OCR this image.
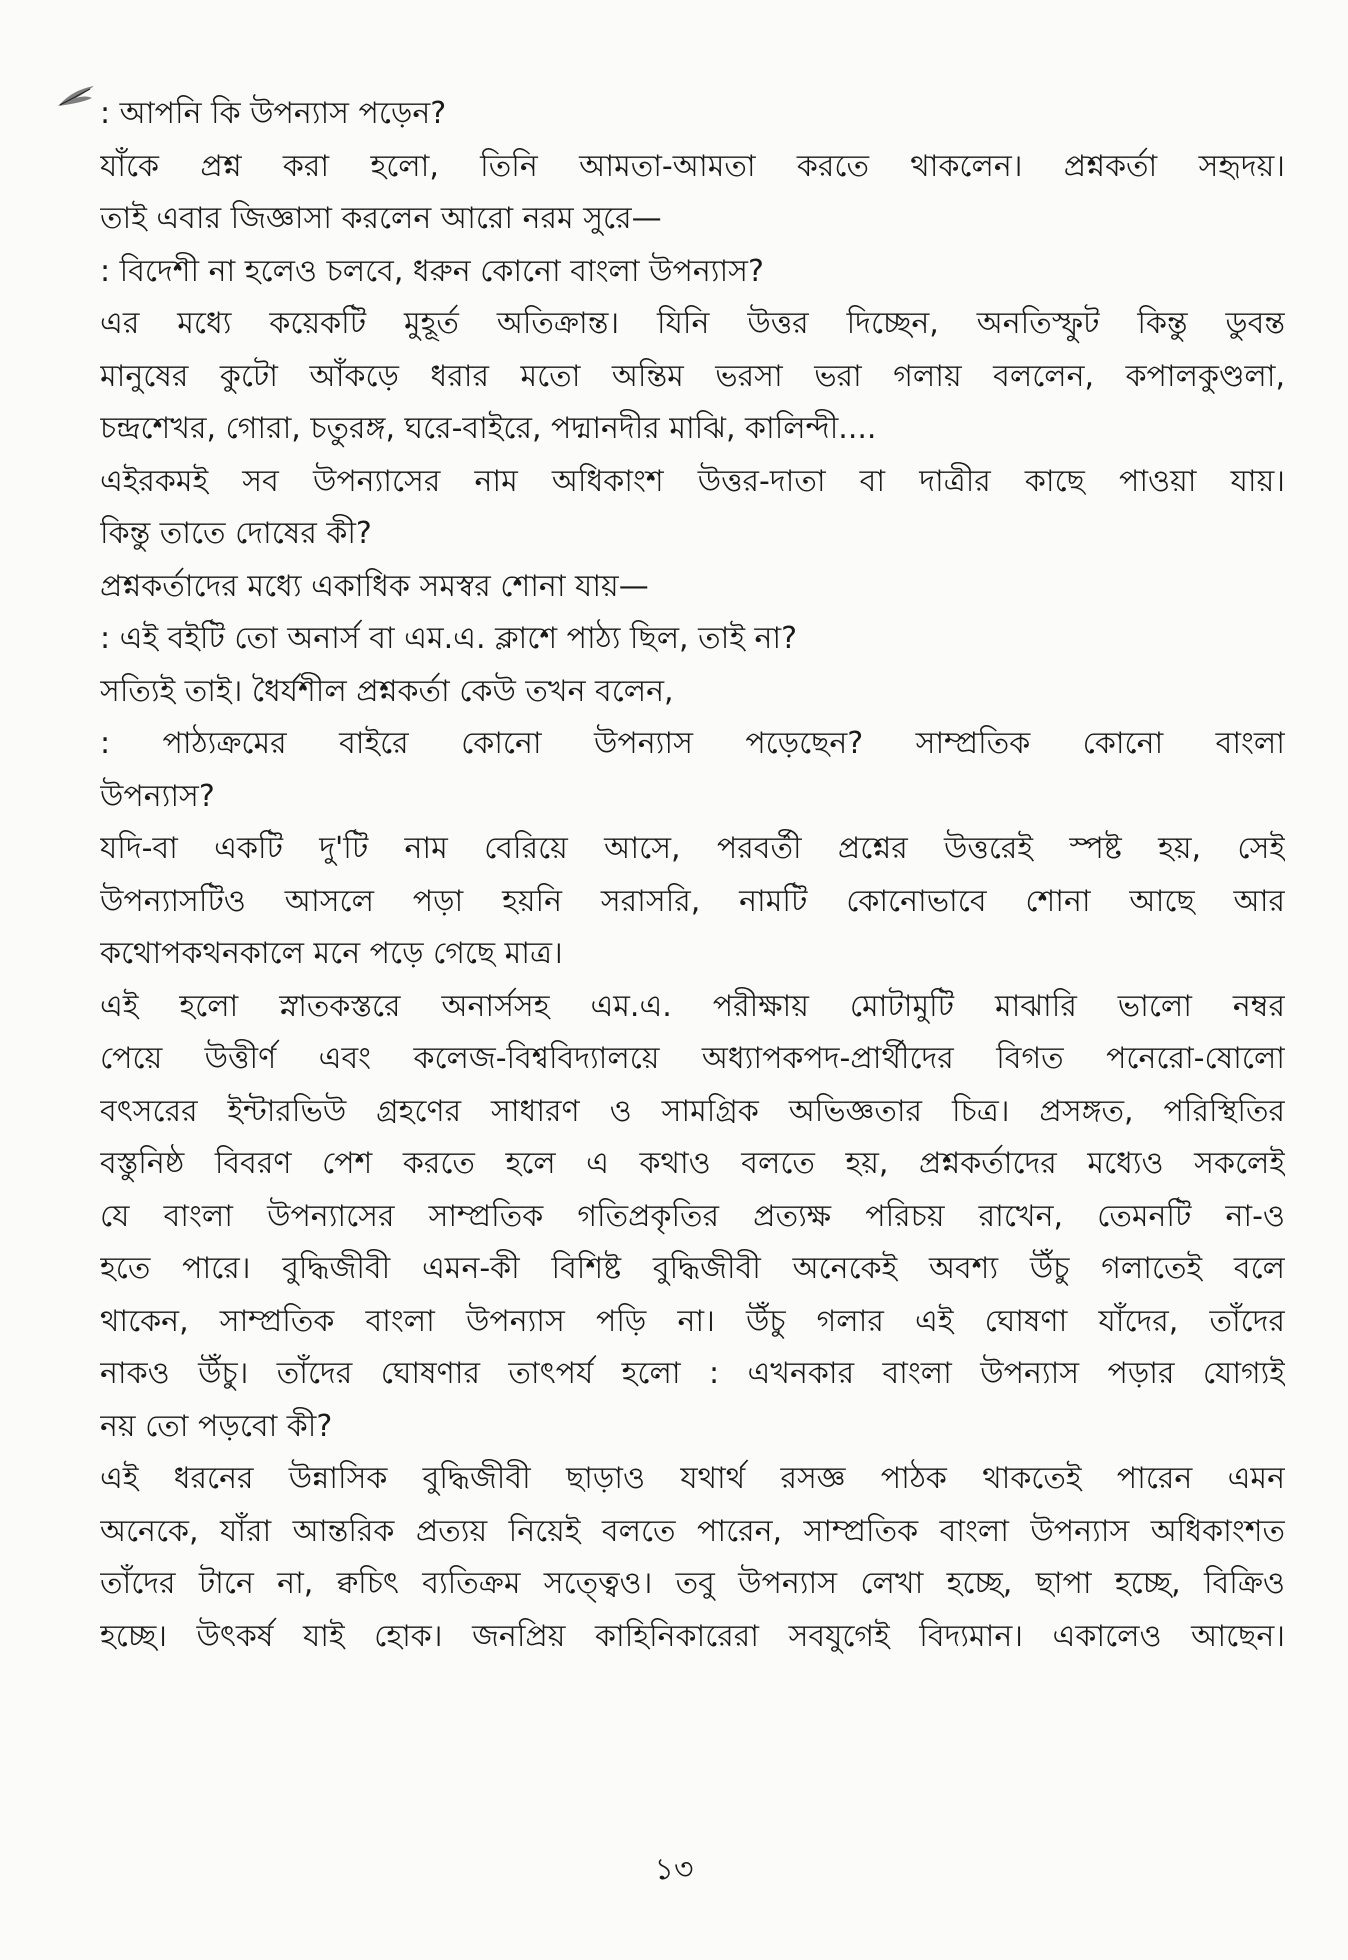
: আপনি কি উপন্যাস পড়েন?
যাঁকে প্রশ্ন করা হলো, তিনি আমতা-আমতা করতে থাকলেন। প্রশ্নকর্তা সহৃদয়।
তাই এবার জিজ্ঞাসা করলেন আরো নরম সুরে—
: বিদেশী না হলেও চলবে, ধরুন কোনো বাংলা উপন্যাস?
এর মধ্যে কয়েকটি মুহূর্ত অতিক্রান্ত। যিনি উত্তর দিচ্ছেন, অনতিস্ফুট কিন্তু ডুবন্ত
মানুষের কুটো আঁকড়ে ধরার মতো অন্তিম ভরসা ভরা গলায় বললেন, কপালকুণ্ডলা,
চন্দ্রশেখর, গোরা, চতুরঙ্গ, ঘরে-বাইরে, পদ্মানদীর মাঝি, কালিন্দী....
এইরকমই সব উপন্যাসের নাম অধিকাংশ উত্তর-দাতা বা দাত্রীর কাছে পাওয়া যায়।
কিন্তু তাতে দোষের কী?
প্রশ্নকর্তাদের মধ্যে একাধিক সমস্বর শোনা যায়—
: এই বইটি তো অনার্স বা এম.এ. ক্লাশে পাঠ্য ছিল, তাই না?
সত্যিই তাই। ধৈর্যশীল প্রশ্নকর্তা কেউ তখন বলেন,
: পাঠ্যক্রমের বাইরে কোনো উপন্যাস পড়েছেন? সাম্প্রতিক কোনো বাংলা
উপন্যাস?
যদি-বা একটি দু'টি নাম বেরিয়ে আসে, পরবর্তী প্রশ্নের উত্তরেই স্পষ্ট হয়, সেই
উপন্যাসটিও আসলে পড়া হয়নি সরাসরি, নামটি কোনোভাবে শোনা আছে আর
কথোপকথনকালে মনে পড়ে গেছে মাত্র।
এই হলো স্নাতকস্তরে অনার্সসহ এম.এ. পরীক্ষায় মোটামুটি মাঝারি ভালো নম্বর
পেয়ে উত্তীর্ণ এবং কলেজ-বিশ্ববিদ্যালয়ে অধ্যাপকপদ-প্রার্থীদের বিগত পনেরো-ষোলো
বৎসরের ইন্টারভিউ গ্রহণের সাধারণ ও সামগ্রিক অভিজ্ঞতার চিত্র। প্রসঙ্গত, পরিস্থিতির
বস্তুনিষ্ঠ বিবরণ পেশ করতে হলে এ কথাও বলতে হয়, প্রশ্নকর্তাদের মধ্যেও সকলেই
যে বাংলা উপন্যাসের সাম্প্রতিক গতিপ্রকৃতির প্রত্যক্ষ পরিচয় রাখেন, তেমনটি না-ও
হতে পারে। বুদ্ধিজীবী এমন-কী বিশিষ্ট বুদ্ধিজীবী অনেকেই অবশ্য উঁচু গলাতেই বলে
থাকেন, সাম্প্রতিক বাংলা উপন্যাস পড়ি না। উঁচু গলার এই ঘোষণা যাঁদের, তাঁদের
নাকও উঁচু। তাঁদের ঘোষণার তাৎপর্য হলো : এখনকার বাংলা উপন্যাস পড়ার যোগ্যই
নয় তো পড়বো কী?
এই ধরনের উন্নাসিক বুদ্ধিজীবী ছাড়াও যথার্থ রসজ্ঞ পাঠক থাকতেই পারেন এমন
অনেকে, যাঁরা আন্তরিক প্রত্যয় নিয়েই বলতে পারেন, সাম্প্রতিক বাংলা উপন্যাস অধিকাংশত
তাঁদের টানে না, ক্বচিৎ ব্যতিক্রম সত্ত্বেও। তবু উপন্যাস লেখা হচ্ছে, ছাপা হচ্ছে, বিক্রিও
হচ্ছে। উৎকর্ষ যাই হোক। জনপ্রিয় কাহিনিকারেরা সবযুগেই বিদ্যমান। একালেও আছেন।
১৩
